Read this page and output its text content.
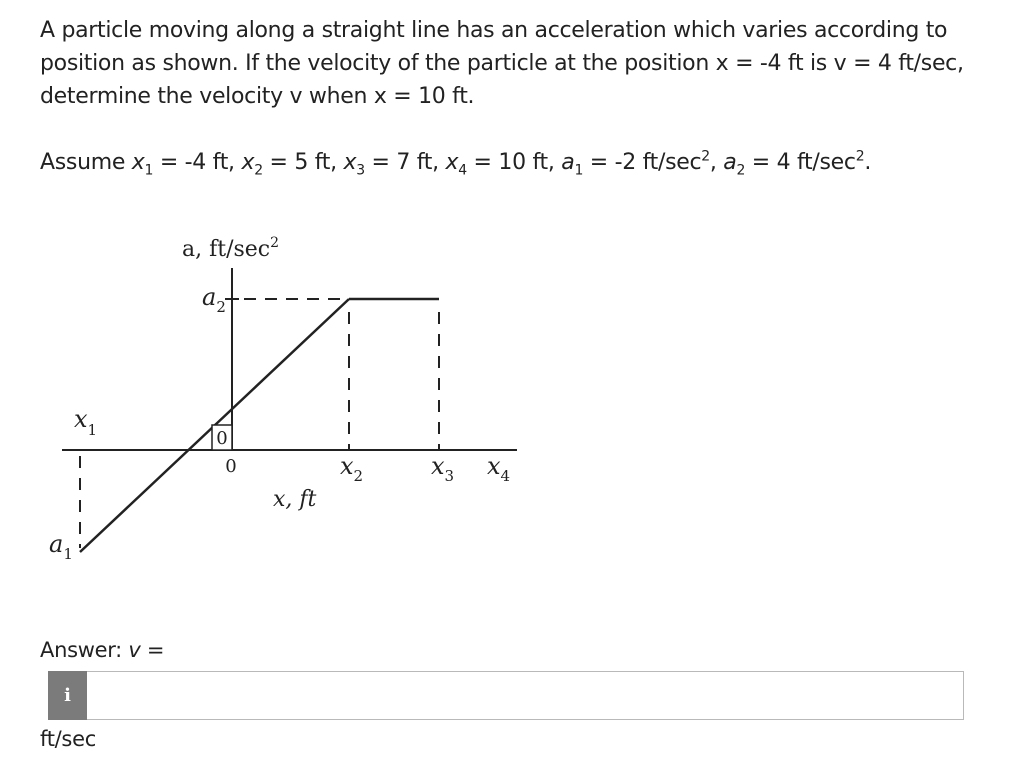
A particle moving along a straight line has an acceleration which varies according to position as shown. If the velocity of the particle at the position x = -4 ft is v = 4 ft/sec, determine the velocity v when x = 10 ft.
Assume $x_1 = -4$ ft, $x_2 = 5$ ft, $x_3 = 7$ ft, $x_4 = 10$ ft, $a_1 = -2$ $ft/\sec^2$, $a_2 = 4$ $ft/\sec^2$.
0
0
a, $ft/\sec^2$
x, ft
$a_2$
$a_1$
$x_1$
$x_2$	$x_3$ $x_4$
Answer: v =
i
ft/sec
